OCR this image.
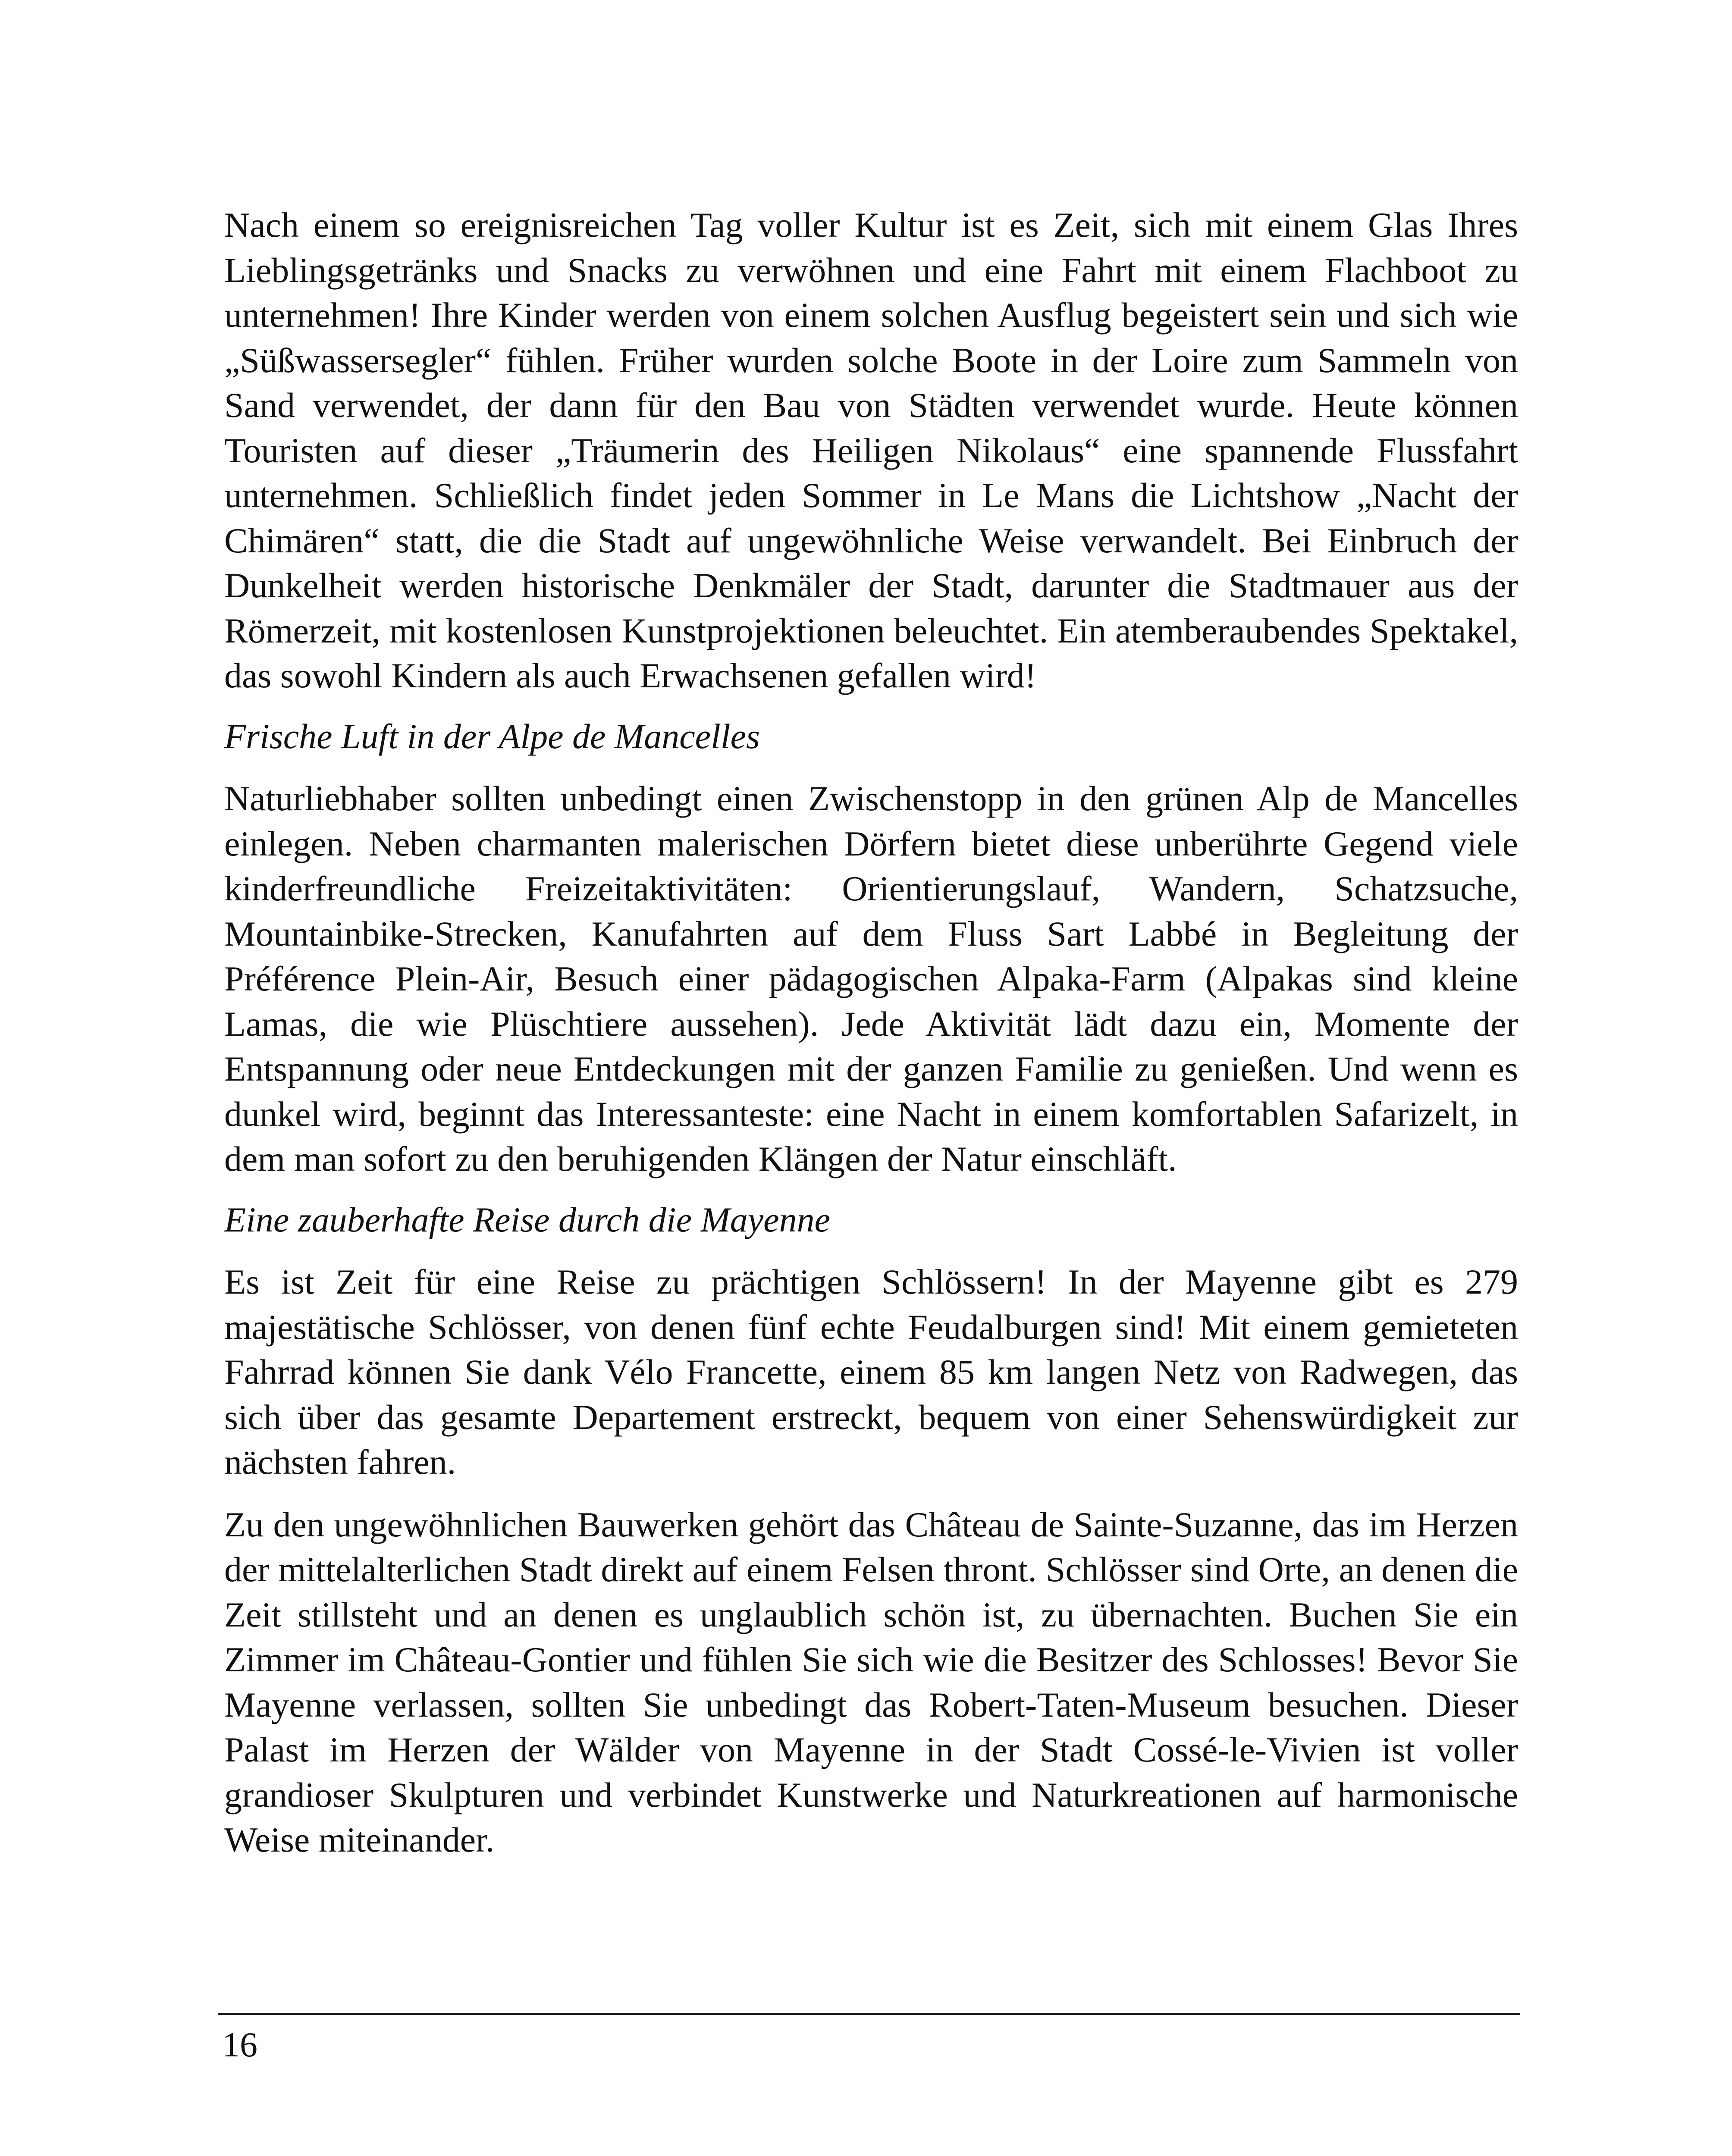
Nach einem so ereignisreichen Tag voller Kultur ist es Zeit, sich mit einem Glas Ihres Lieblingsgetränks und Snacks zu verwöhnen und eine Fahrt mit einem Flachboot zu unternehmen! Ihre Kinder werden von einem solchen Ausflug begeistert sein und sich wie „Süßwassersegler“ fühlen. Früher wurden solche Boote in der Loire zum Sammeln von Sand verwendet, der dann für den Bau von Städten verwendet wurde. Heute können Touristen auf dieser „Träumerin des Heiligen Nikolaus“ eine spannende Flussfahrt unternehmen. Schließlich findet jeden Sommer in Le Mans die Lichtshow „Nacht der Chimären“ statt, die die Stadt auf ungewöhnliche Weise verwandelt. Bei Einbruch der Dunkelheit werden historische Denkmäler der Stadt, darunter die Stadtmauer aus der Römerzeit, mit kostenlosen Kunstprojektionen beleuchtet. Ein atemberaubendes Spektakel, das sowohl Kindern als auch Erwachsenen gefallen wird!

Frische Luft in der Alpe de Mancelles

Naturliebhaber sollten unbedingt einen Zwischenstopp in den grünen Alp de Mancelles einlegen. Neben charmanten malerischen Dörfern bietet diese unberührte Gegend viele kinderfreundliche Freizeitaktivitäten: Orientierungslauf, Wandern, Schatzsuche, Mountainbike-Strecken, Kanufahrten auf dem Fluss Sart Labbé in Begleitung der Préférence Plein-Air, Besuch einer pädagogischen Alpaka-Farm (Alpakas sind kleine Lamas, die wie Plüschtiere aussehen). Jede Aktivität lädt dazu ein, Momente der Entspannung oder neue Entdeckungen mit der ganzen Familie zu genießen. Und wenn es dunkel wird, beginnt das Interessanteste: eine Nacht in einem komfortablen Safarizelt, in dem man sofort zu den beruhigenden Klängen der Natur einschläft.

Eine zauberhafte Reise durch die Mayenne

Es ist Zeit für eine Reise zu prächtigen Schlössern! In der Mayenne gibt es 279 majestätische Schlösser, von denen fünf echte Feudalburgen sind! Mit einem gemieteten Fahrrad können Sie dank Vélo Francette, einem 85 km langen Netz von Radwegen, das sich über das gesamte Departement erstreckt, bequem von einer Sehenswürdigkeit zur nächsten fahren.

Zu den ungewöhnlichen Bauwerken gehört das Château de Sainte-Suzanne, das im Herzen der mittelalterlichen Stadt direkt auf einem Felsen thront. Schlösser sind Orte, an denen die Zeit stillsteht und an denen es unglaublich schön ist, zu übernachten. Buchen Sie ein Zimmer im Château-Gontier und fühlen Sie sich wie die Besitzer des Schlosses! Bevor Sie Mayenne verlassen, sollten Sie unbedingt das Robert-Taten-Museum besuchen. Dieser Palast im Herzen der Wälder von Mayenne in der Stadt Cossé-le-Vivien ist voller grandioser Skulpturen und verbindet Kunstwerke und Naturkreationen auf harmonische Weise miteinander.

16
